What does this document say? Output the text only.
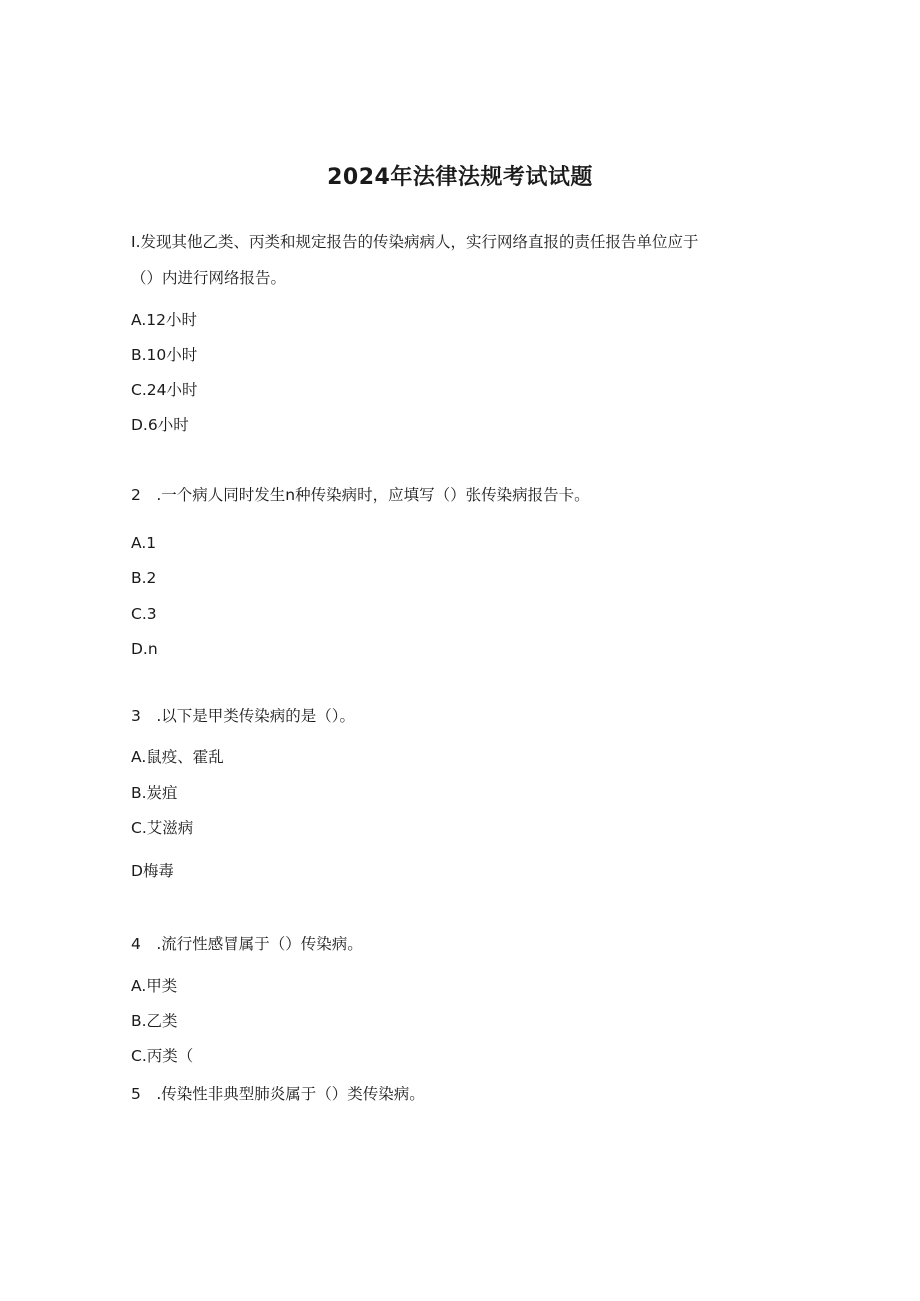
2024年法律法规考试试题
I.发现其他乙类、丙类和规定报告的传染病病人，实行网络直报的责任报告单位应于
（）内进行网络报告。
A.12小时
B.10小时
C.24小时
D.6小时
2　.一个病人同时发生n种传染病时，应填写（）张传染病报告卡。
A.1
B.2
C.3
D.n
3　.以下是甲类传染病的是（）。
A.鼠疫、霍乱
B.炭疽
C.艾滋病
D梅毒
4　.流行性感冒属于（）传染病。
A.甲类
B.乙类
C.丙类（
5　.传染性非典型肺炎属于（）类传染病。
